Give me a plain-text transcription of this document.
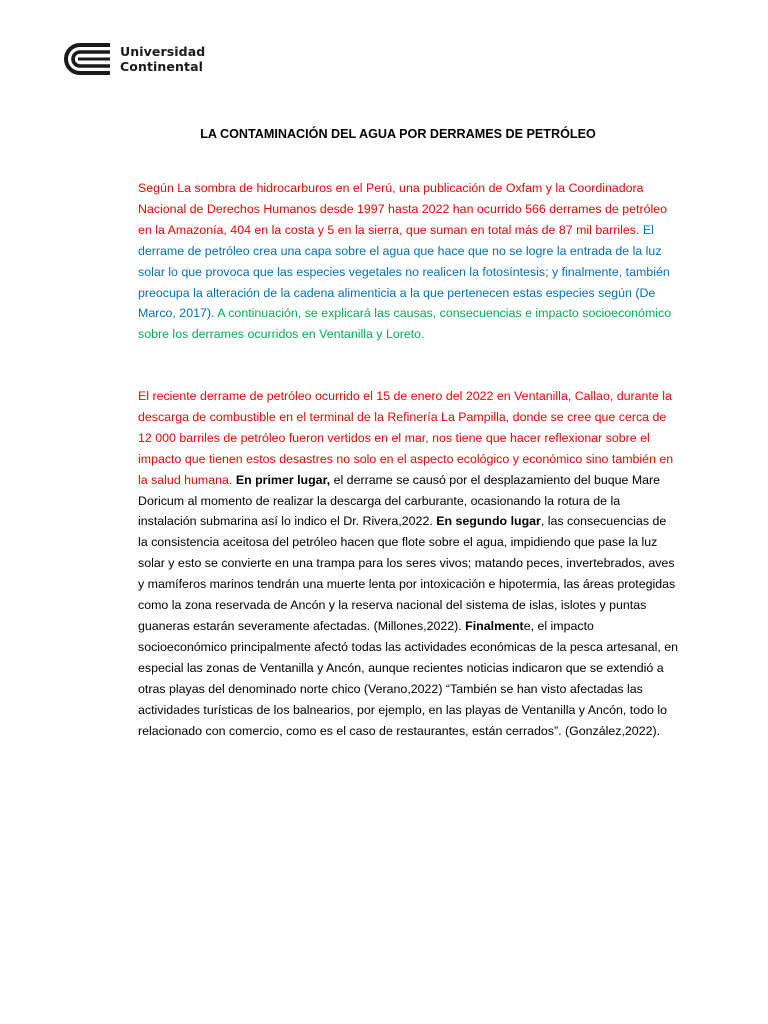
Universidad
Continental
LA CONTAMINACIÓN DEL AGUA POR DERRAMES DE PETRÓLEO
Según La sombra de hidrocarburos en el Perú, una publicación de Oxfam y la Coordinadora Nacional de Derechos Humanos desde 1997 hasta 2022 han ocurrido 566 derrames de petróleo en la Amazonía, 404 en la costa y 5 en la sierra, que suman en total más de 87 mil barriles. El derrame de petróleo crea una capa sobre el agua que hace que no se logre la entrada de la luz solar lo que provoca que las especies vegetales no realicen la fotosíntesis; y finalmente, también preocupa la alteración de la cadena alimenticia a la que pertenecen estas especies según (De Marco, 2017). A continuación, se explicará las causas, consecuencias e impacto socioeconómico sobre los derrames ocurridos en Ventanilla y Loreto.
El reciente derrame de petróleo ocurrido el 15 de enero del 2022 en Ventanilla, Callao, durante la descarga de combustible en el terminal de la Refinería La Pampilla, donde se cree que cerca de 12 000 barriles de petróleo fueron vertidos en el mar, nos tiene que hacer reflexionar sobre el impacto que tienen estos desastres no solo en el aspecto ecológico y económico sino también en la salud humana. En primer lugar, el derrame se causó por el desplazamiento del buque Mare Doricum al momento de realizar la descarga del carburante, ocasionando la rotura de la instalación submarina así lo indico el Dr. Rivera,2022. En segundo lugar, las consecuencias de la consistencia aceitosa del petróleo hacen que flote sobre el agua, impidiendo que pase la luz solar y esto se convierte en una trampa para los seres vivos; matando peces, invertebrados, aves y mamíferos marinos tendrán una muerte lenta por intoxicación e hipotermia, las áreas protegidas como la zona reservada de Ancón y la reserva nacional del sistema de islas, islotes y puntas guaneras estarán severamente afectadas. (Millones,2022). Finalmente, el impacto socioeconómico principalmente afectó todas las actividades económicas de la pesca artesanal, en especial las zonas de Ventanilla y Ancón, aunque recientes noticias indicaron que se extendió a otras playas del denominado norte chico (Verano,2022) “También se han visto afectadas las actividades turísticas de los balnearios, por ejemplo, en las playas de Ventanilla y Ancón, todo lo relacionado con comercio, como es el caso de restaurantes, están cerrados”. (González,2022).
